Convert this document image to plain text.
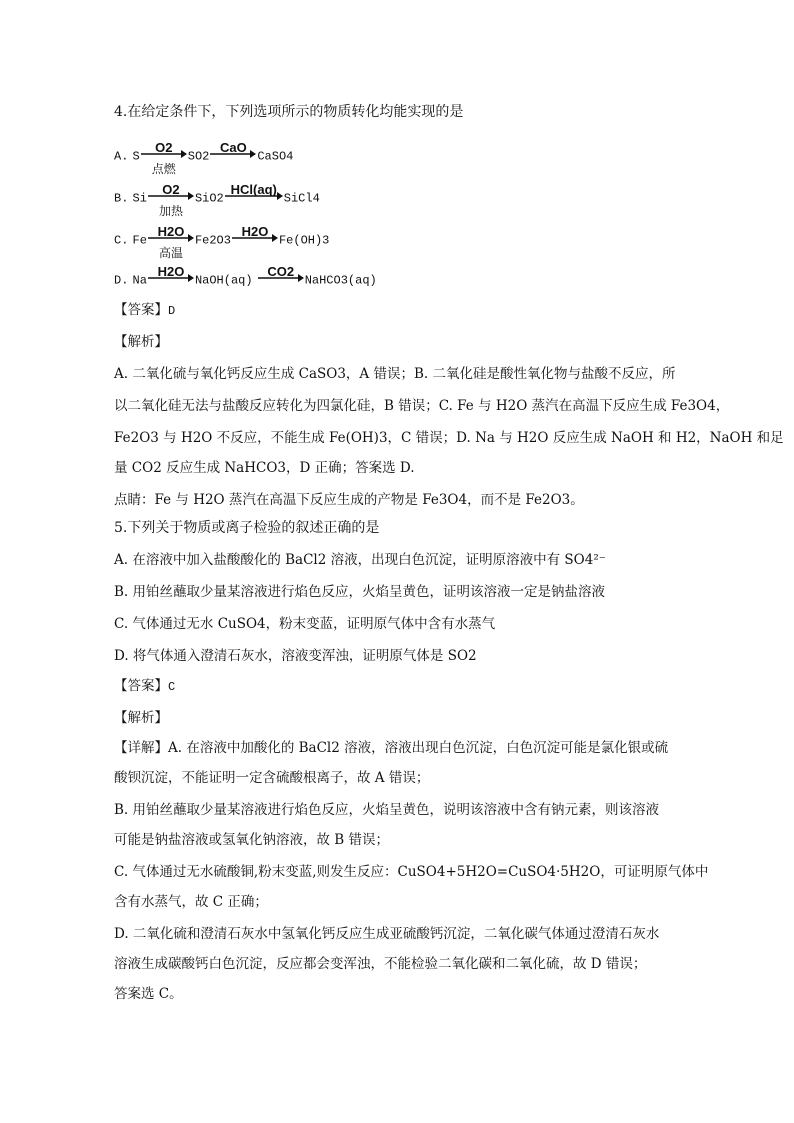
4.在给定条件下，下列选项所示的物质转化均能实现的是
A. S
O2
点燃
SO2
CaO
CaSO4
B. Si
O2
加热
SiO2
HCl(aq)
SiCl4
C. Fe
H2O
高温
Fe2O3
H2O
Fe(OH)3
D. Na
H2O
NaOH(aq)
CO2
NaHCO3(aq)
【答案】D
【解析】
A. 二氧化硫与氧化钙反应生成 CaSO3，A 错误；B. 二氧化硅是酸性氧化物与盐酸不反应，所
以二氧化硅无法与盐酸反应转化为四氯化硅，B 错误；C. Fe 与 H2O 蒸汽在高温下反应生成 Fe3O4，
Fe2O3 与 H2O 不反应，不能生成 Fe(OH)3，C 错误；D. Na 与 H2O 反应生成 NaOH 和 H2，NaOH 和足
量 CO2 反应生成 NaHCO3，D 正确；答案选 D.
点睛：Fe 与 H2O 蒸汽在高温下反应生成的产物是 Fe3O4，而不是 Fe2O3。
5.下列关于物质或离子检验的叙述正确的是
A. 在溶液中加入盐酸酸化的 BaCl2 溶液，出现白色沉淀，证明原溶液中有 SO4²⁻
B. 用铂丝蘸取少量某溶液进行焰色反应，火焰呈黄色，证明该溶液一定是钠盐溶液
C. 气体通过无水 CuSO4，粉末变蓝，证明原气体中含有水蒸气
D. 将气体通入澄清石灰水，溶液变浑浊，证明原气体是 SO2
【答案】C
【解析】
【详解】A. 在溶液中加酸化的 BaCl2 溶液，溶液出现白色沉淀，白色沉淀可能是氯化银或硫
酸钡沉淀，不能证明一定含硫酸根离子，故 A 错误；
B. 用铂丝蘸取少量某溶液进行焰色反应，火焰呈黄色，说明该溶液中含有钠元素，则该溶液
可能是钠盐溶液或氢氧化钠溶液，故 B 错误；
C. 气体通过无水硫酸铜,粉末变蓝,则发生反应：CuSO4+5H2O=CuSO4·5H2O，可证明原气体中
含有水蒸气，故 C 正确；
D. 二氧化硫和澄清石灰水中氢氧化钙反应生成亚硫酸钙沉淀，二氧化碳气体通过澄清石灰水
溶液生成碳酸钙白色沉淀，反应都会变浑浊，不能检验二氧化碳和二氧化硫，故 D 错误；
答案选 C。
